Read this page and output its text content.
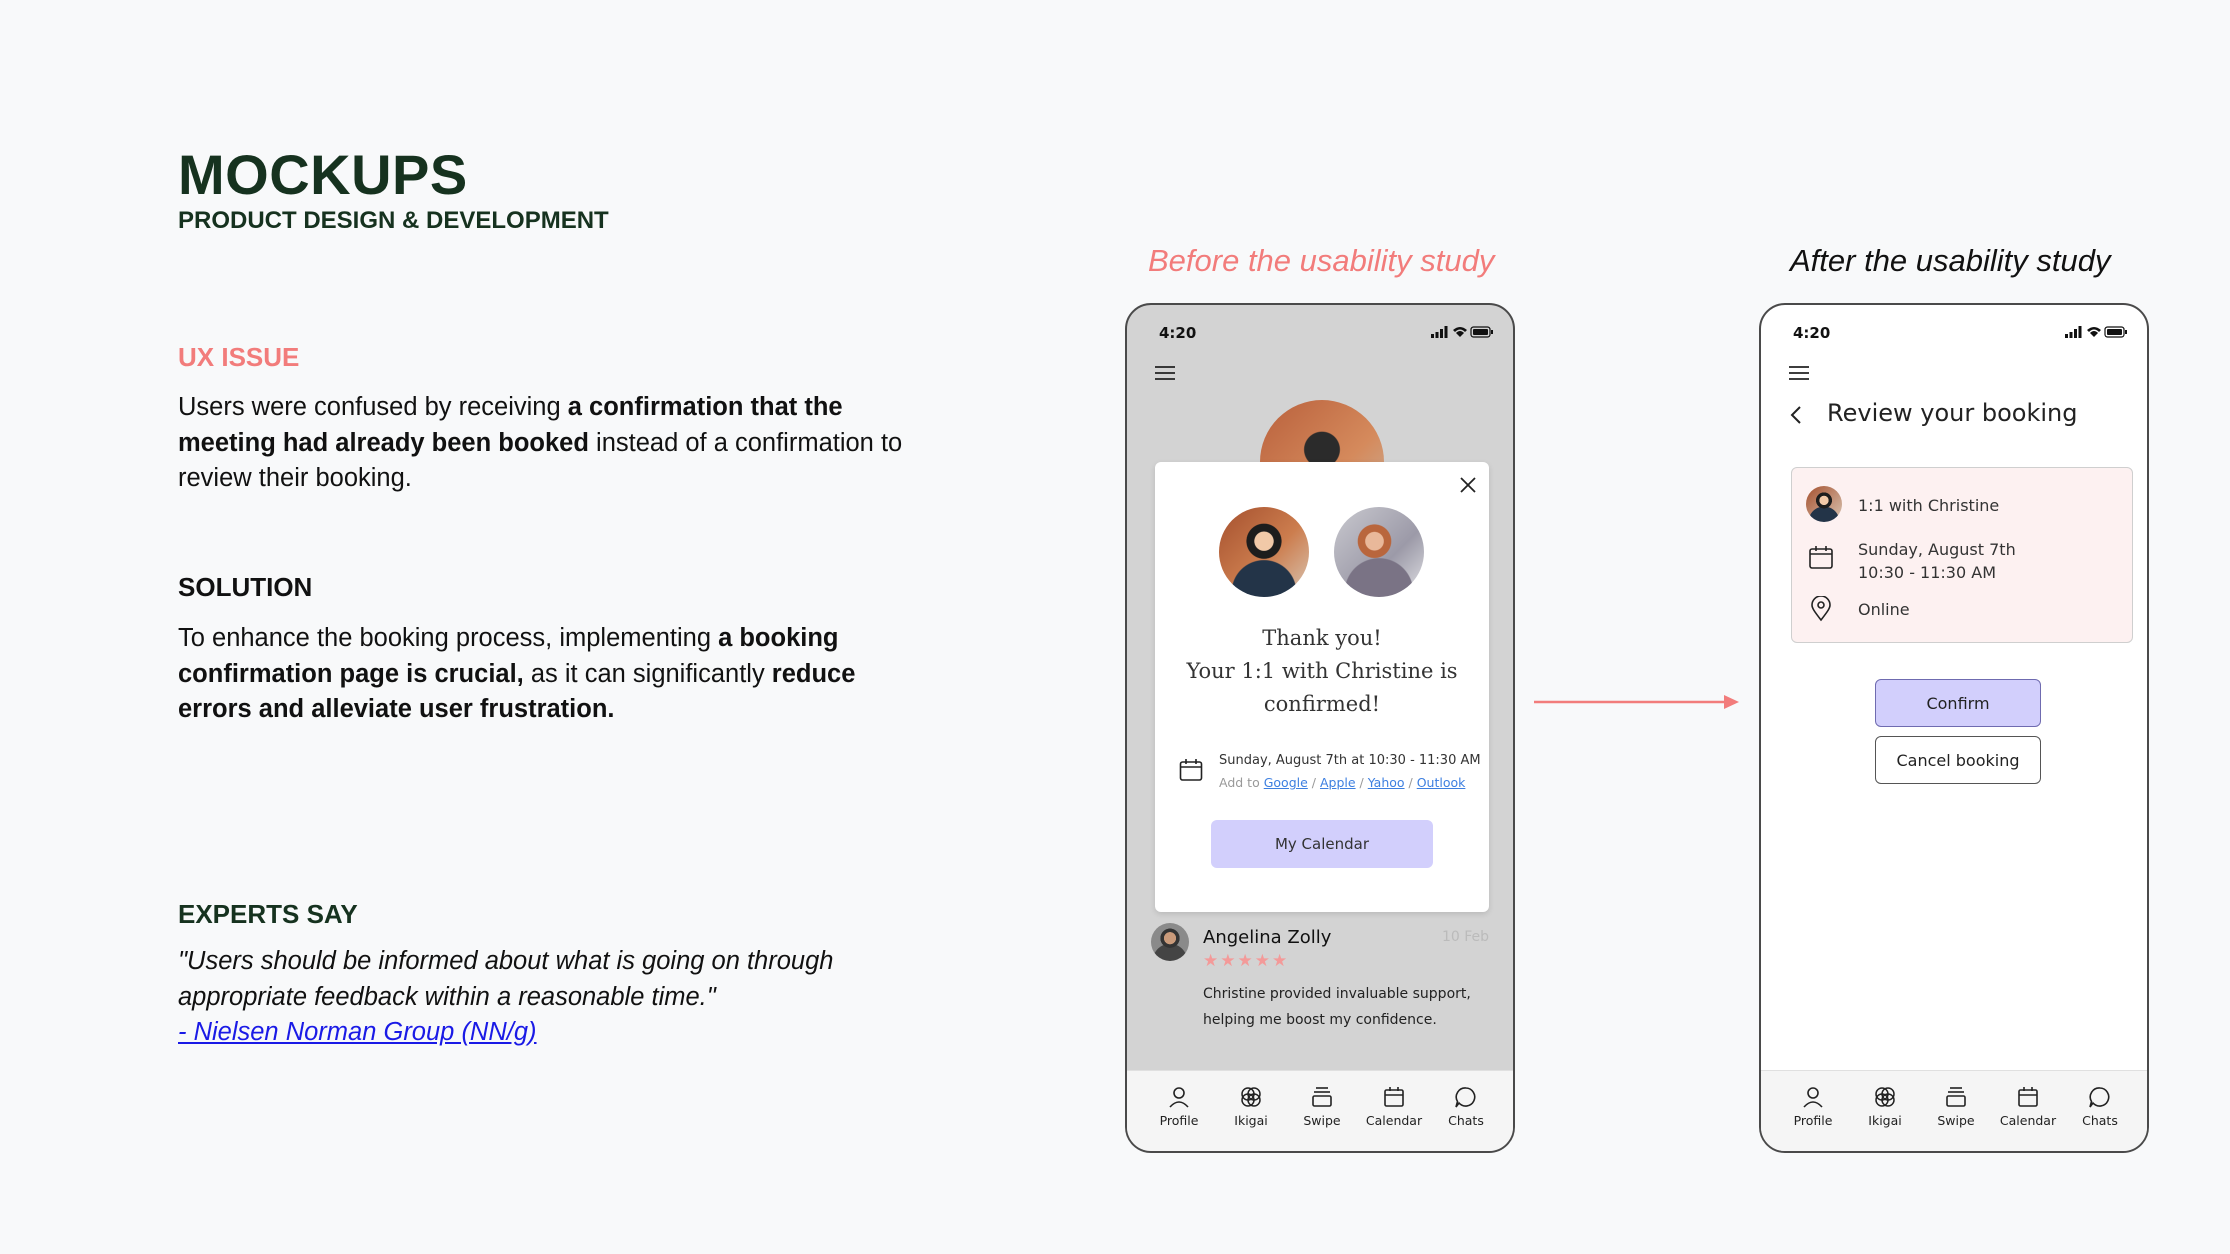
MOCKUPS
PRODUCT DESIGN & DEVELOPMENT
UX ISSUE
Users were confused by receiving a confirmation that the meeting had already been booked instead of a confirmation to review their booking.
SOLUTION
To enhance the booking process, implementing a booking confirmation page is crucial, as it can significantly reduce errors and alleviate user frustration.
EXPERTS SAY
"Users should be informed about what is going on through appropriate feedback within a reasonable time."
- Nielsen Norman Group (NN/g)
Before the usability study	After the usability study
4:20
Thank you!
Your 1:1 with Christine is
confirmed!
Sunday, August 7th at 10:30 - 11:30 AM
Add to Google / Apple / Yahoo / Outlook
My Calendar
Angelina Zolly	10 Feb
★★★★★
Christine provided invaluable support, helping me boost my confidence.
Profile	Ikigai	Swipe	Calendar	Chats
4:20
Review your booking
1:1 with Christine
Sunday, August 7th
10:30 - 11:30 AM
Online
Confirm
Cancel booking
Profile	Ikigai	Swipe	Calendar	Chats
